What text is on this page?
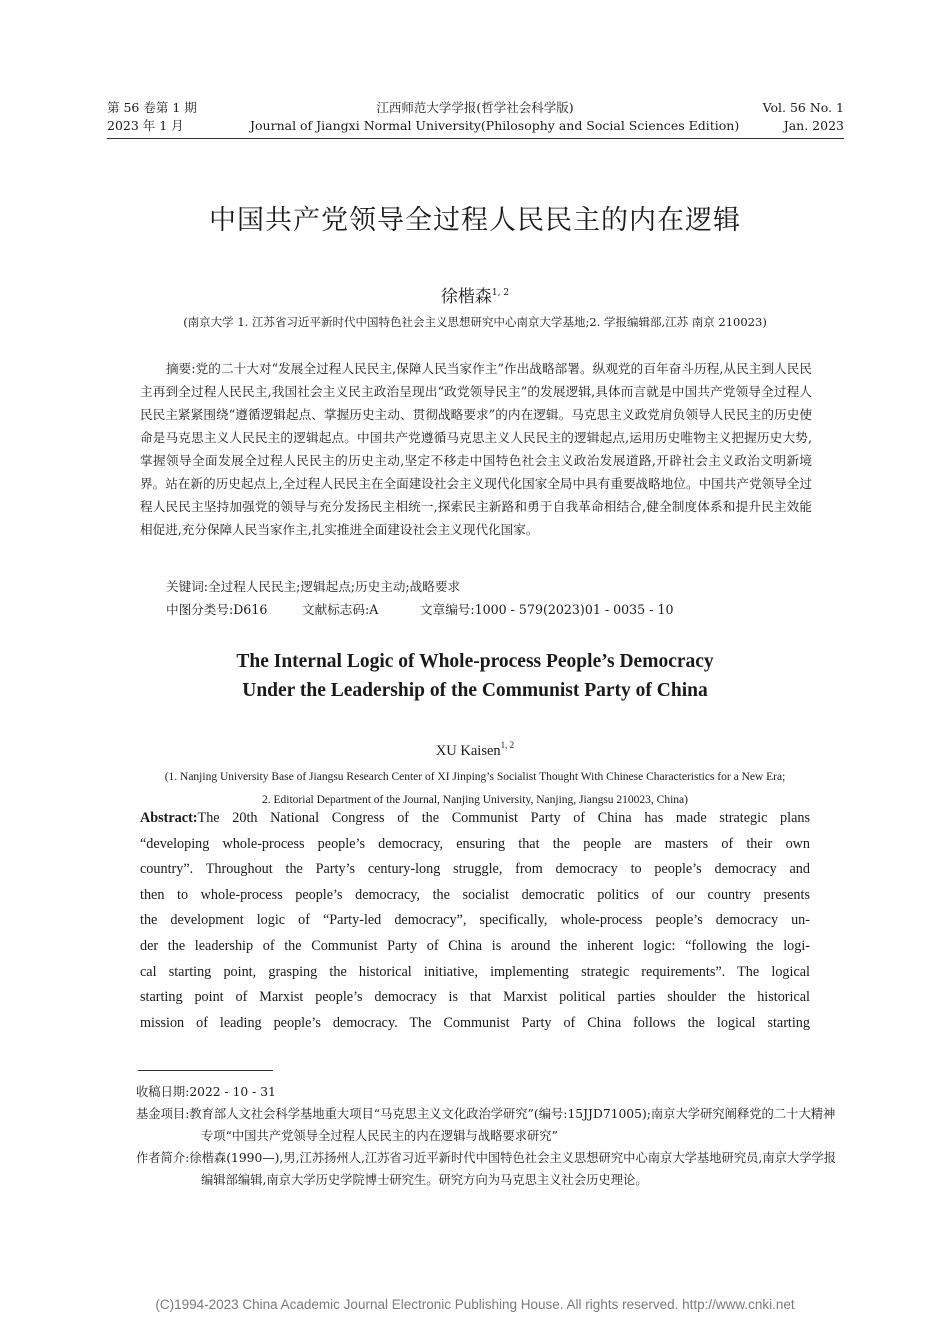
第 56 卷第 1 期
2023 年 1 月
江西师范大学学报(哲学社会科学版)
Journal of Jiangxi Normal University(Philosophy and Social Sciences Edition)
Vol. 56 No. 1
Jan. 2023
中国共产党领导全过程人民民主的内在逻辑
徐楷森$^{1, 2}$
(南京大学 1. 江苏省习近平新时代中国特色社会主义思想研究中心南京大学基地;2. 学报编辑部,江苏 南京 210023)

摘要:党的二十大对“发展全过程人民民主,保障人民当家作主”作出战略部署。纵观党的百年奋斗历程,从民主到人民民主再到全过程人民民主,我国社会主义民主政治呈现出“政党领导民主”的发展逻辑,具体而言就是中国共产党领导全过程人民民主紧紧围绕“遵循逻辑起点、掌握历史主动、贯彻战略要求”的内在逻辑。马克思主义政党肩负领导人民民主的历史使命是马克思主义人民民主的逻辑起点。中国共产党遵循马克思主义人民民主的逻辑起点,运用历史唯物主义把握历史大势,掌握领导全面发展全过程人民民主的历史主动,坚定不移走中国特色社会主义政治发展道路,开辟社会主义政治文明新境界。站在新的历史起点上,全过程人民民主在全面建设社会主义现代化国家全局中具有重要战略地位。中国共产党领导全过程人民民主坚持加强党的领导与充分发扬民主相统一,探索民主新路和勇于自我革命相结合,健全制度体系和提升民主效能相促进,充分保障人民当家作主,扎实推进全面建设社会主义现代化国家。

关键词:全过程人民民主;逻辑起点;历史主动;战略要求
中图分类号:D616	文献标志码:A	文章编号:1000 - 579(2023)01 - 0035 - 10
The Internal Logic of Whole-process People’s Democracy
Under the Leadership of the Communist Party of China
XU Kaisen$^{1, 2}$
(1. Nanjing University Base of Jiangsu Research Center of XI Jinping’s Socialist Thought With Chinese Characteristics for a New Era;
2. Editorial Department of the Journal, Nanjing University, Nanjing, Jiangsu 210023, China)
Abstract:The 20th National Congress of the Communist Party of China has made strategic plans
“developing whole-process people’s democracy, ensuring that the people are masters of their own
country”. Throughout the Party’s century-long struggle, from democracy to people’s democracy and
then to whole-process people’s democracy, the socialist democratic politics of our country presents
the development logic of “Party-led democracy”, specifically, whole-process people’s democracy un-
der the leadership of the Communist Party of China is around the inherent logic: “following the logi-
cal starting point, grasping the historical initiative, implementing strategic requirements”. The logical
starting point of Marxist people’s democracy is that Marxist political parties shoulder the historical
mission of leading people’s democracy. The Communist Party of China follows the logical starting
收稿日期:2022 - 10 - 31
基金项目:教育部人文社会科学基地重大项目“马克思主义文化政治学研究”(编号:15JJD71005);南京大学研究阐释党的二十大精神专项“中国共产党领导全过程人民民主的内在逻辑与战略要求研究”
作者简介:徐楷森(1990—),男,江苏扬州人,江苏省习近平新时代中国特色社会主义思想研究中心南京大学基地研究员,南京大学学报编辑部编辑,南京大学历史学院博士研究生。研究方向为马克思主义社会历史理论。
(C)1994-2023 China Academic Journal Electronic Publishing House. All rights reserved. http://www.cnki.net
